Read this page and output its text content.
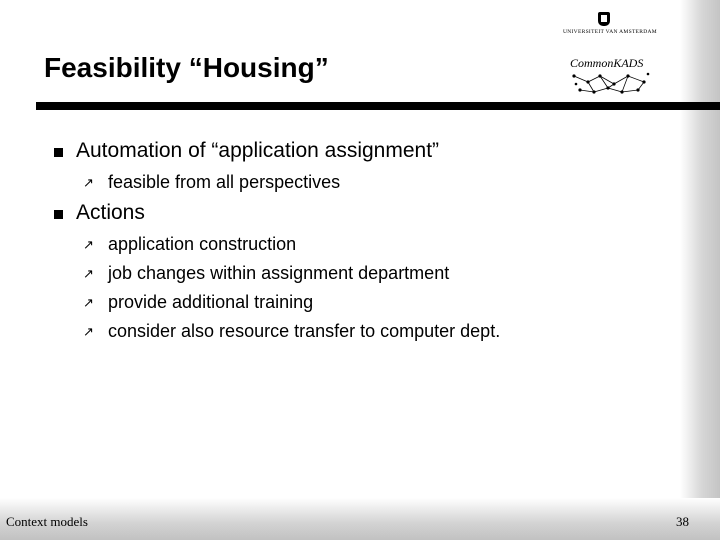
Feasibility “Housing”
UNIVERSITEIT VAN AMSTERDAM
CommonKADS
Automation of “application assignment”
↗ feasible from all perspectives
Actions
↗ application construction
↗ job changes within assignment department
↗ provide additional training
↗ consider also resource transfer to computer dept.
Context models	38
